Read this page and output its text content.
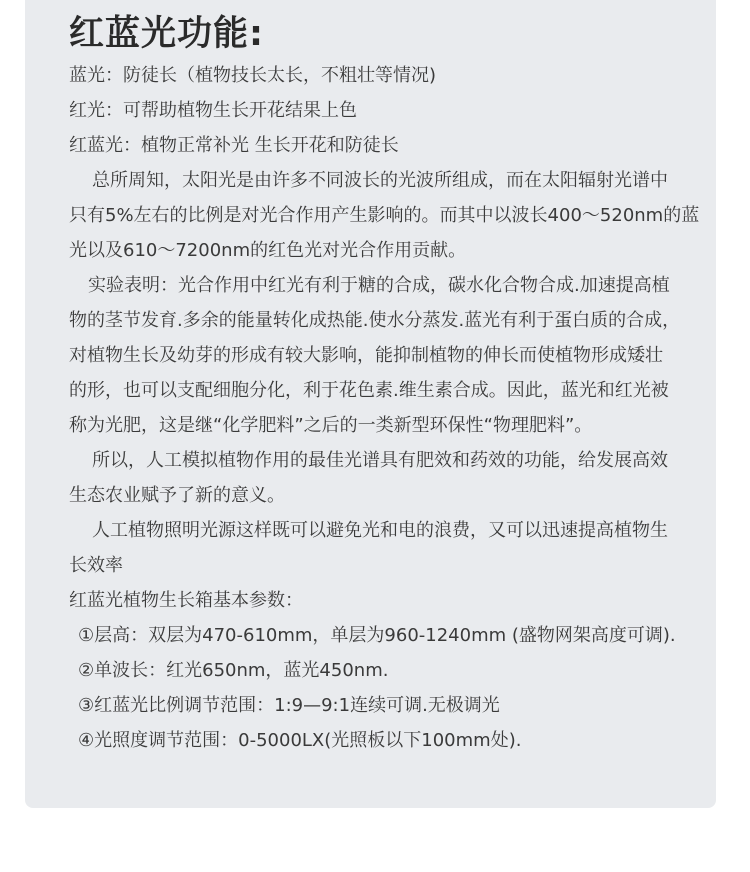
红蓝光功能:
蓝光：防徒长（植物技长太长，不粗壮等情况)
红光：可帮助植物生长开花结果上色
红蓝光：植物正常补光 生长开花和防徒长
总所周知，太阳光是由许多不同波长的光波所组成，而在太阳辐射光谱中
只有5%左右的比例是对光合作用产生影响的。而其中以波长400～520nm的蓝
光以及610～7200nm的红色光对光合作用贡献。
实验表明：光合作用中红光有利于糖的合成，碳水化合物合成.加速提高植
物的茎节发育.多余的能量转化成热能.使水分蒸发.蓝光有利于蛋白质的合成，
对植物生长及幼芽的形成有较大影响，能抑制植物的伸长而使植物形成矮壮
的形，也可以支配细胞分化，利于花色素.维生素合成。因此，蓝光和红光被
称为光肥，这是继“化学肥料”之后的一类新型环保性“物理肥料”。
所以，人工模拟植物作用的最佳光谱具有肥效和药效的功能，给发展高效
生态农业赋予了新的意义。
人工植物照明光源这样既可以避免光和电的浪费，又可以迅速提高植物生
长效率
红蓝光植物生长箱基本参数：
①层高：双层为470-610mm，单层为960-1240mm (盛物网架高度可调).
②单波长：红光650nm，蓝光450nm.
③红蓝光比例调节范围：1:9—9:1连续可调.无极调光
④光照度调节范围：0-5000LX(光照板以下100mm处).
